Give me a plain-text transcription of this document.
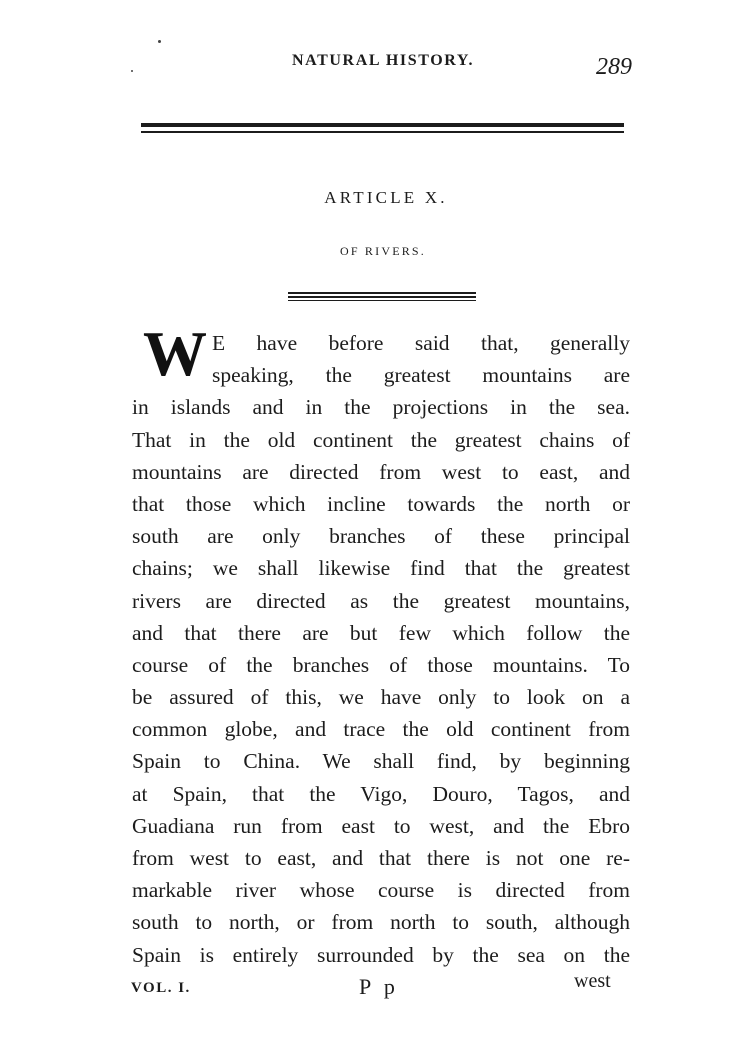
NATURAL HISTORY.	289
ARTICLE X.
OF RIVERS.
W E have before said that, generally
speaking, the greatest mountains are
in islands and in the projections in the sea.
That in the old continent the greatest chains of
mountains are directed from west to east, and
that those which incline towards the north or
south are only branches of these principal
chains; we shall likewise find that the greatest
rivers are directed as the greatest mountains,
and that there are but few which follow the
course of the branches of those mountains. To
be assured of this, we have only to look on a
common globe, and trace the old continent from
Spain to China. We shall find, by beginning
at Spain, that the Vigo, Douro, Tagos, and
Guadiana run from east to west, and the Ebro
from west to east, and that there is not one re-
markable river whose course is directed from
south to north, or from north to south, although
Spain is entirely surrounded by the sea on the
VOL. I.	P p	west
